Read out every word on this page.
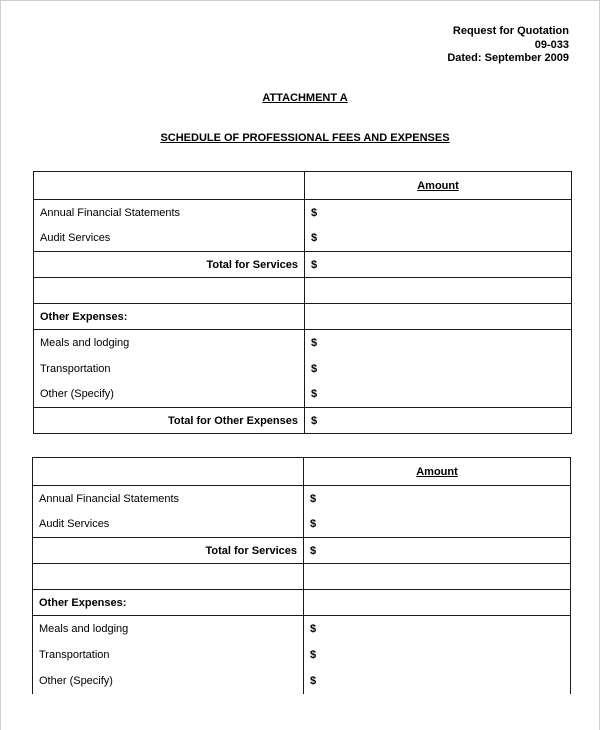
Request for Quotation
09-033
Dated: September 2009
ATTACHMENT A
SCHEDULE OF PROFESSIONAL FEES AND EXPENSES

	Amount

Annual Financial Statements	$
Audit Services	$

Total for Services	$

Other Expenses:	
Meals and lodging	$
Transportation	$
Other (Specify)	$

Total for Other Expenses	$

	Amount

Annual Financial Statements	$
Audit Services	$

Total for Services	$

Other Expenses:	
Meals and lodging	$
Transportation	$
Other (Specify)	$
